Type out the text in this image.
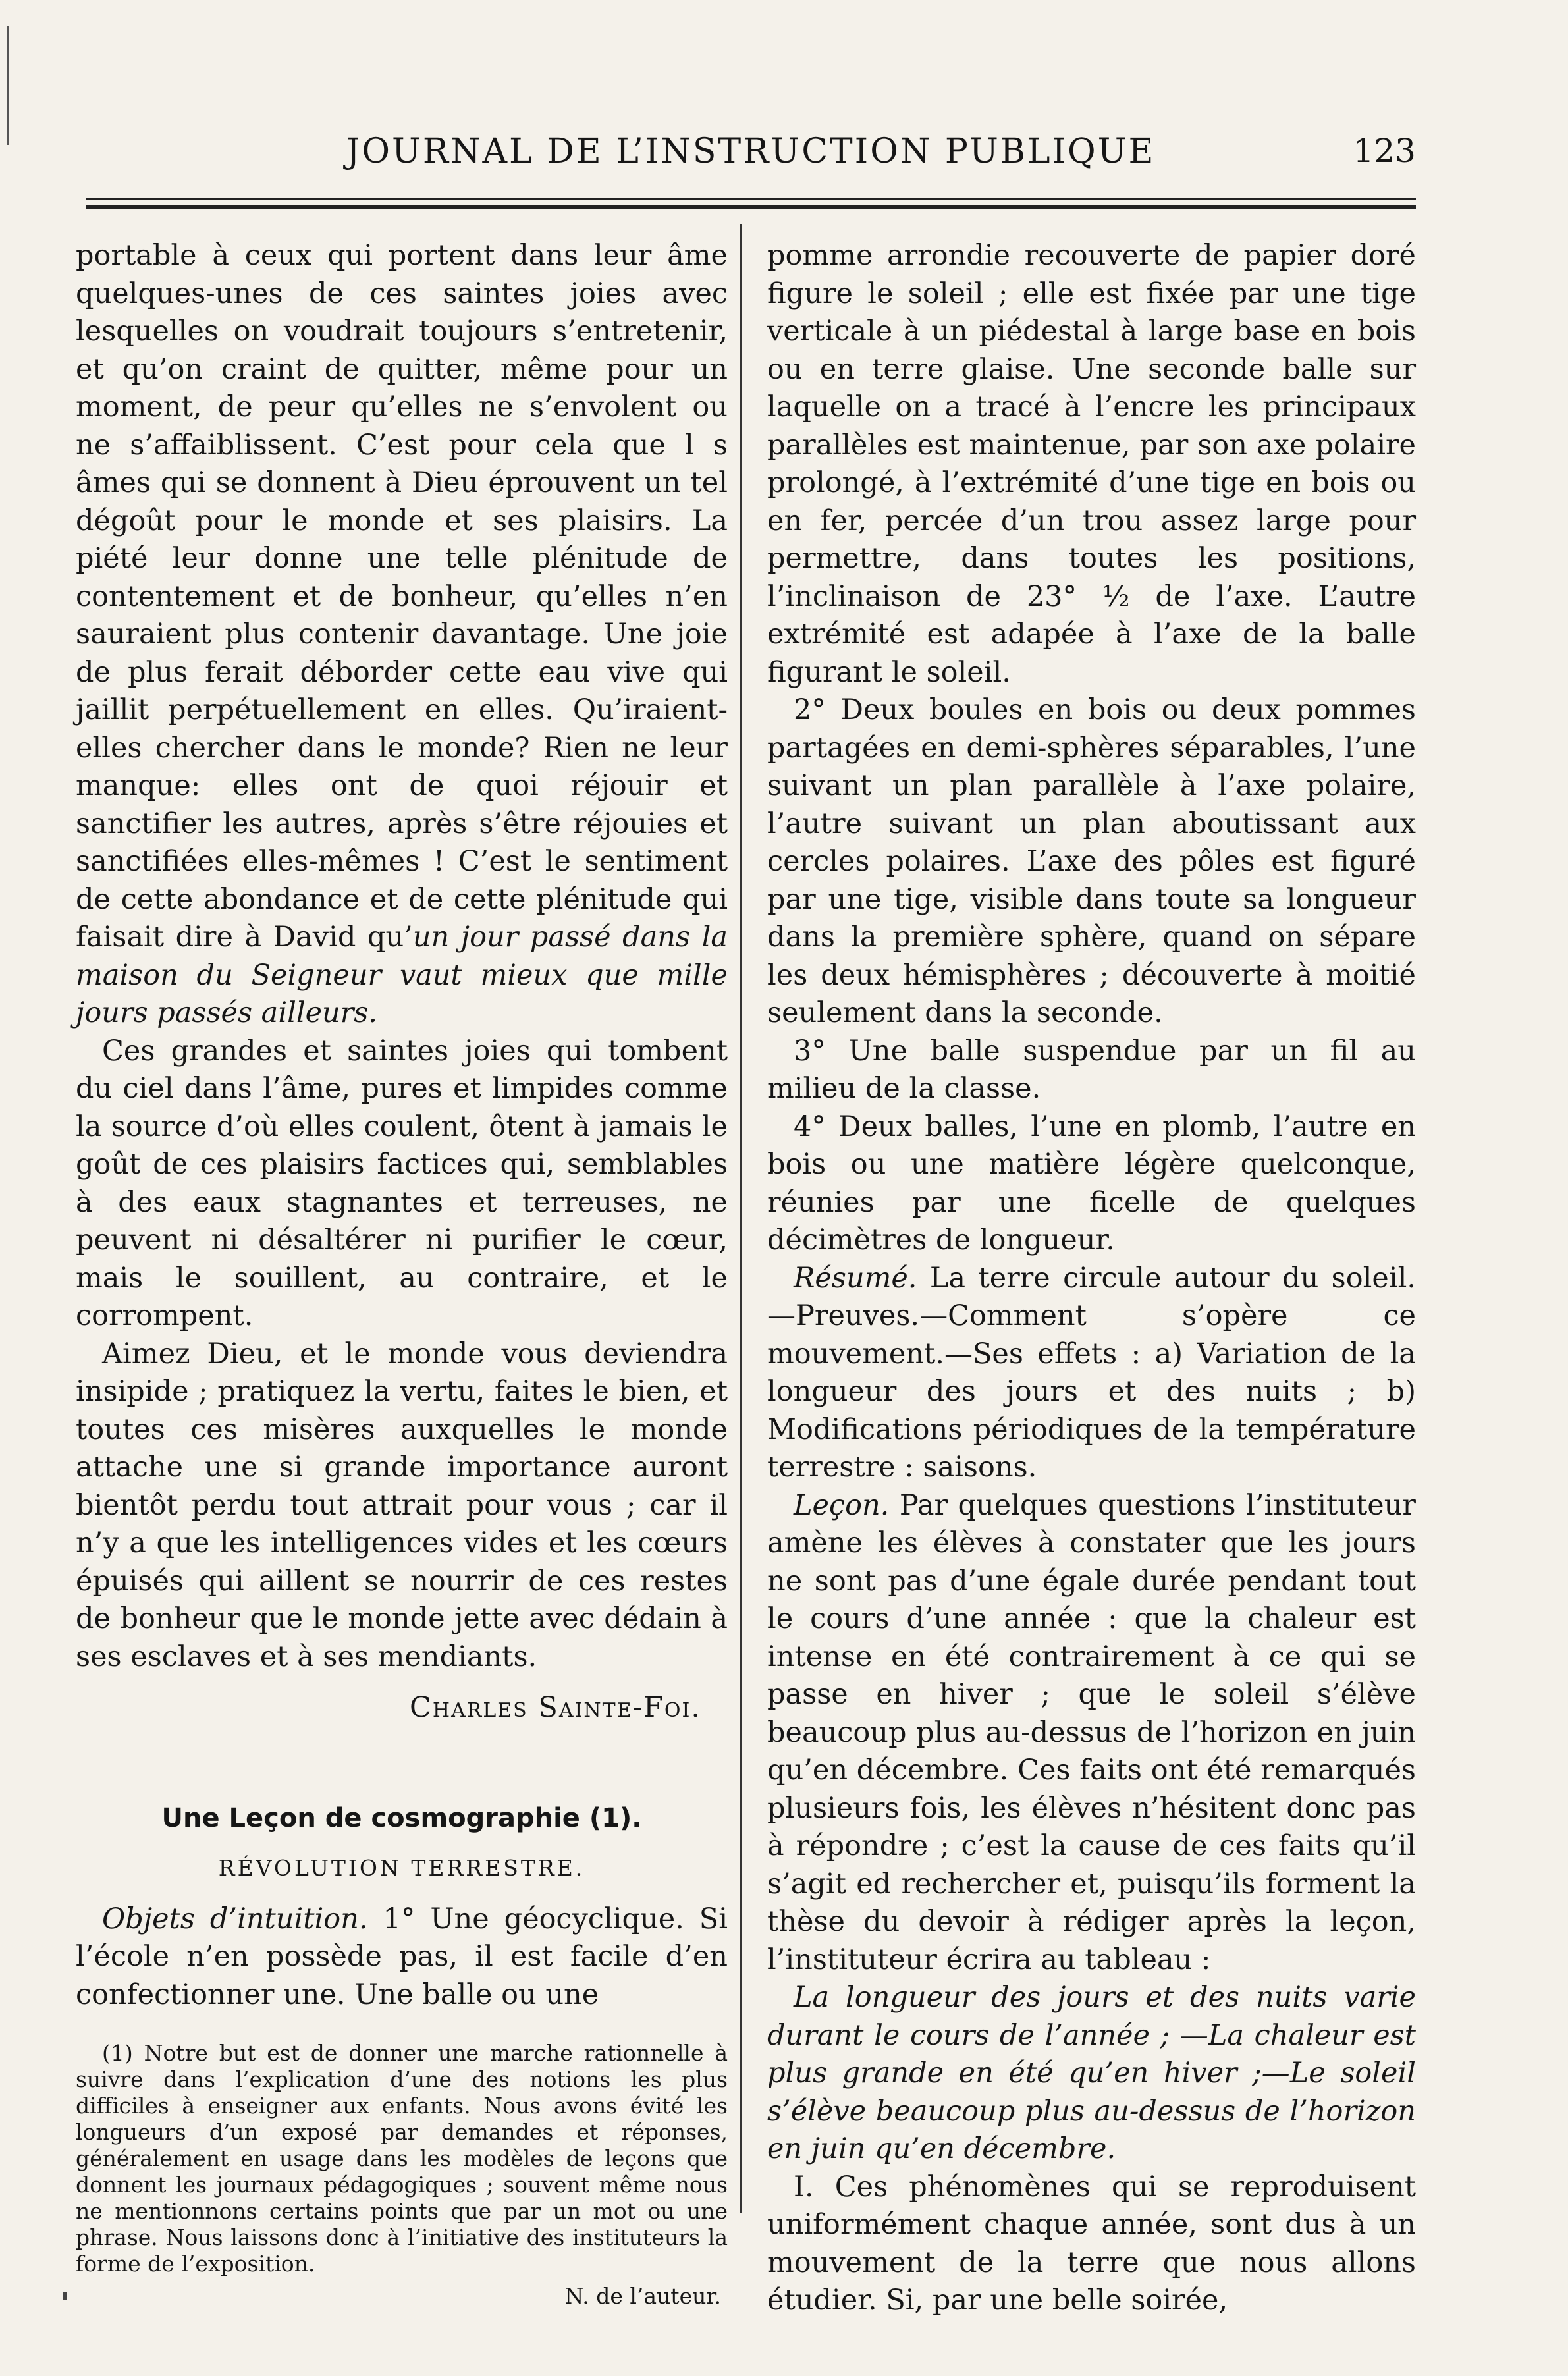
JOURNAL DE L’INSTRUCTION PUBLIQUE	123

portable à ceux qui portent dans leur âme quelques-unes de ces saintes joies avec lesquelles on voudrait toujours s’entretenir, et qu’on craint de quitter, même pour un moment, de peur qu’elles ne s’envolent ou ne s’affaiblissent. C’est pour cela que l s âmes qui se donnent à Dieu éprouvent un tel dégoût pour le monde et ses plaisirs. La piété leur donne une telle plénitude de contentement et de bonheur, qu’elles n’en sauraient plus contenir davantage. Une joie de plus ferait déborder cette eau vive qui jaillit perpétuellement en elles. Qu’iraient-elles chercher dans le monde? Rien ne leur manque: elles ont de quoi réjouir et sanctifier les autres, après s’être réjouies et sanctifiées elles-mêmes ! C’est le sentiment de cette abondance et de cette plénitude qui faisait dire à David qu’un jour passé dans la maison du Seigneur vaut mieux que mille jours passés ailleurs.

Ces grandes et saintes joies qui tombent du ciel dans l’âme, pures et limpides comme la source d’où elles coulent, ôtent à jamais le goût de ces plaisirs factices qui, semblables à des eaux stagnantes et terreuses, ne peuvent ni désaltérer ni purifier le cœur, mais le souillent, au contraire, et le corrompent.

Aimez Dieu, et le monde vous deviendra insipide ; pratiquez la vertu, faites le bien, et toutes ces misères auxquelles le monde attache une si grande importance auront bientôt perdu tout attrait pour vous ; car il n’y a que les intelligences vides et les cœurs épuisés qui aillent se nourrir de ces restes de bonheur que le monde jette avec dédain à ses esclaves et à ses mendiants.

Charles Sainte-Foi.

Une Leçon de cosmographie (1).

RÉVOLUTION TERRESTRE.

Objets d’intuition. 1° Une géocyclique. Si l’école n’en possède pas, il est facile d’en confectionner une. Une balle ou une

(1) Notre but est de donner une marche rationnelle à suivre dans l’explication d’une des notions les plus difficiles à enseigner aux enfants. Nous avons évité les longueurs d’un exposé par demandes et réponses, généralement en usage dans les modèles de leçons que donnent les journaux pédagogiques ; souvent même nous ne mentionnons certains points que par un mot ou une phrase. Nous laissons donc à l’initiative des instituteurs la forme de l’exposition.

N. de l’auteur.

pomme arrondie recouverte de papier doré figure le soleil ; elle est fixée par une tige verticale à un piédestal à large base en bois ou en terre glaise. Une seconde balle sur laquelle on a tracé à l’encre les principaux parallèles est maintenue, par son axe polaire prolongé, à l’extrémité d’une tige en bois ou en fer, percée d’un trou assez large pour permettre, dans toutes les positions, l’inclinaison de 23° ½ de l’axe. L’autre extrémité est adapée à l’axe de la balle figurant le soleil.

2° Deux boules en bois ou deux pommes partagées en demi-sphères séparables, l’une suivant un plan parallèle à l’axe polaire, l’autre suivant un plan aboutissant aux cercles polaires. L’axe des pôles est figuré par une tige, visible dans toute sa longueur dans la première sphère, quand on sépare les deux hémisphères ; découverte à moitié seulement dans la seconde.

3° Une balle suspendue par un fil au milieu de la classe.

4° Deux balles, l’une en plomb, l’autre en bois ou une matière légère quelconque, réunies par une ficelle de quelques décimètres de longueur.

Résumé. La terre circule autour du soleil.—Preuves.—Comment s’opère ce mouvement.—Ses effets : a) Variation de la longueur des jours et des nuits ; b) Modifications périodiques de la température terrestre : saisons.

Leçon. Par quelques questions l’instituteur amène les élèves à constater que les jours ne sont pas d’une égale durée pendant tout le cours d’une année : que la chaleur est intense en été contrairement à ce qui se passe en hiver ; que le soleil s’élève beaucoup plus au-dessus de l’horizon en juin qu’en décembre. Ces faits ont été remarqués plusieurs fois, les élèves n’hésitent donc pas à répondre ; c’est la cause de ces faits qu’il s’agit ed rechercher et, puisqu’ils forment la thèse du devoir à rédiger après la leçon, l’instituteur écrira au tableau :

La longueur des jours et des nuits varie durant le cours de l’année ; —La chaleur est plus grande en été qu’en hiver ;—Le soleil s’élève beaucoup plus au-dessus de l’horizon en juin qu’en décembre.

I. Ces phénomènes qui se reproduisent uniformément chaque année, sont dus à un mouvement de la terre que nous allons étudier. Si, par une belle soirée,
